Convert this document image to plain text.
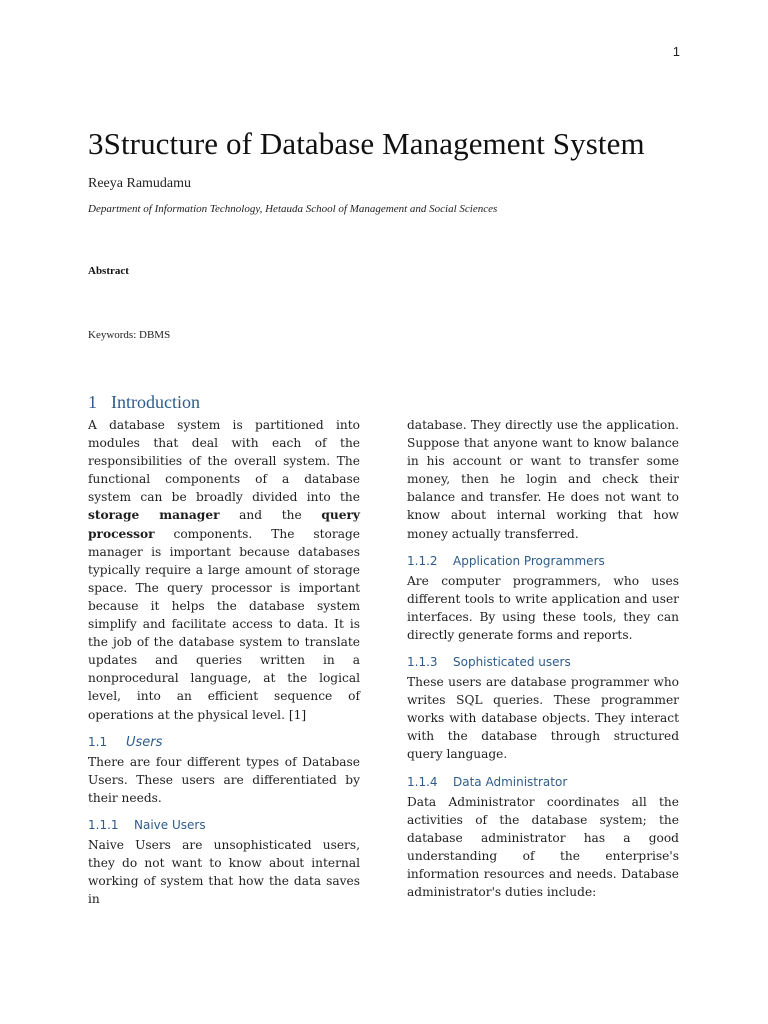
1
3Structure of Database Management System
Reeya Ramudamu
Department of Information Technology, Hetauda School of Management and Social Sciences
Abstract
Keywords: DBMS
1 Introduction

A database system is partitioned into modules that deal with each of the responsibilities of the overall system. The functional components of a database system can be broadly divided into the storage manager and the query processor components. The storage manager is important because databases typically require a large amount of storage space. The query processor is important because it helps the database system simplify and facilitate access to data. It is the job of the database system to translate updates and queries written in a nonprocedural language, at the logical level, into an efficient sequence of operations at the physical level. [1]

1.1 Users

There are four different types of Database Users. These users are differentiated by their needs.

1.1.1 Naive Users

Naive Users are unsophisticated users, they do not want to know about internal working of system that how the data saves in

database. They directly use the application. Suppose that anyone want to know balance in his account or want to transfer some money, then he login and check their balance and transfer. He does not want to know about internal working that how money actually transferred.

1.1.2 Application Programmers

Are computer programmers, who uses different tools to write application and user interfaces. By using these tools, they can directly generate forms and reports.

1.1.3 Sophisticated users

These users are database programmer who writes SQL queries. These programmer works with database objects. They interact with the database through structured query language.

1.1.4 Data Administrator

Data Administrator coordinates all the activities of the database system; the database administrator has a good understanding of the enterprise's information resources and needs. Database administrator's duties include:
